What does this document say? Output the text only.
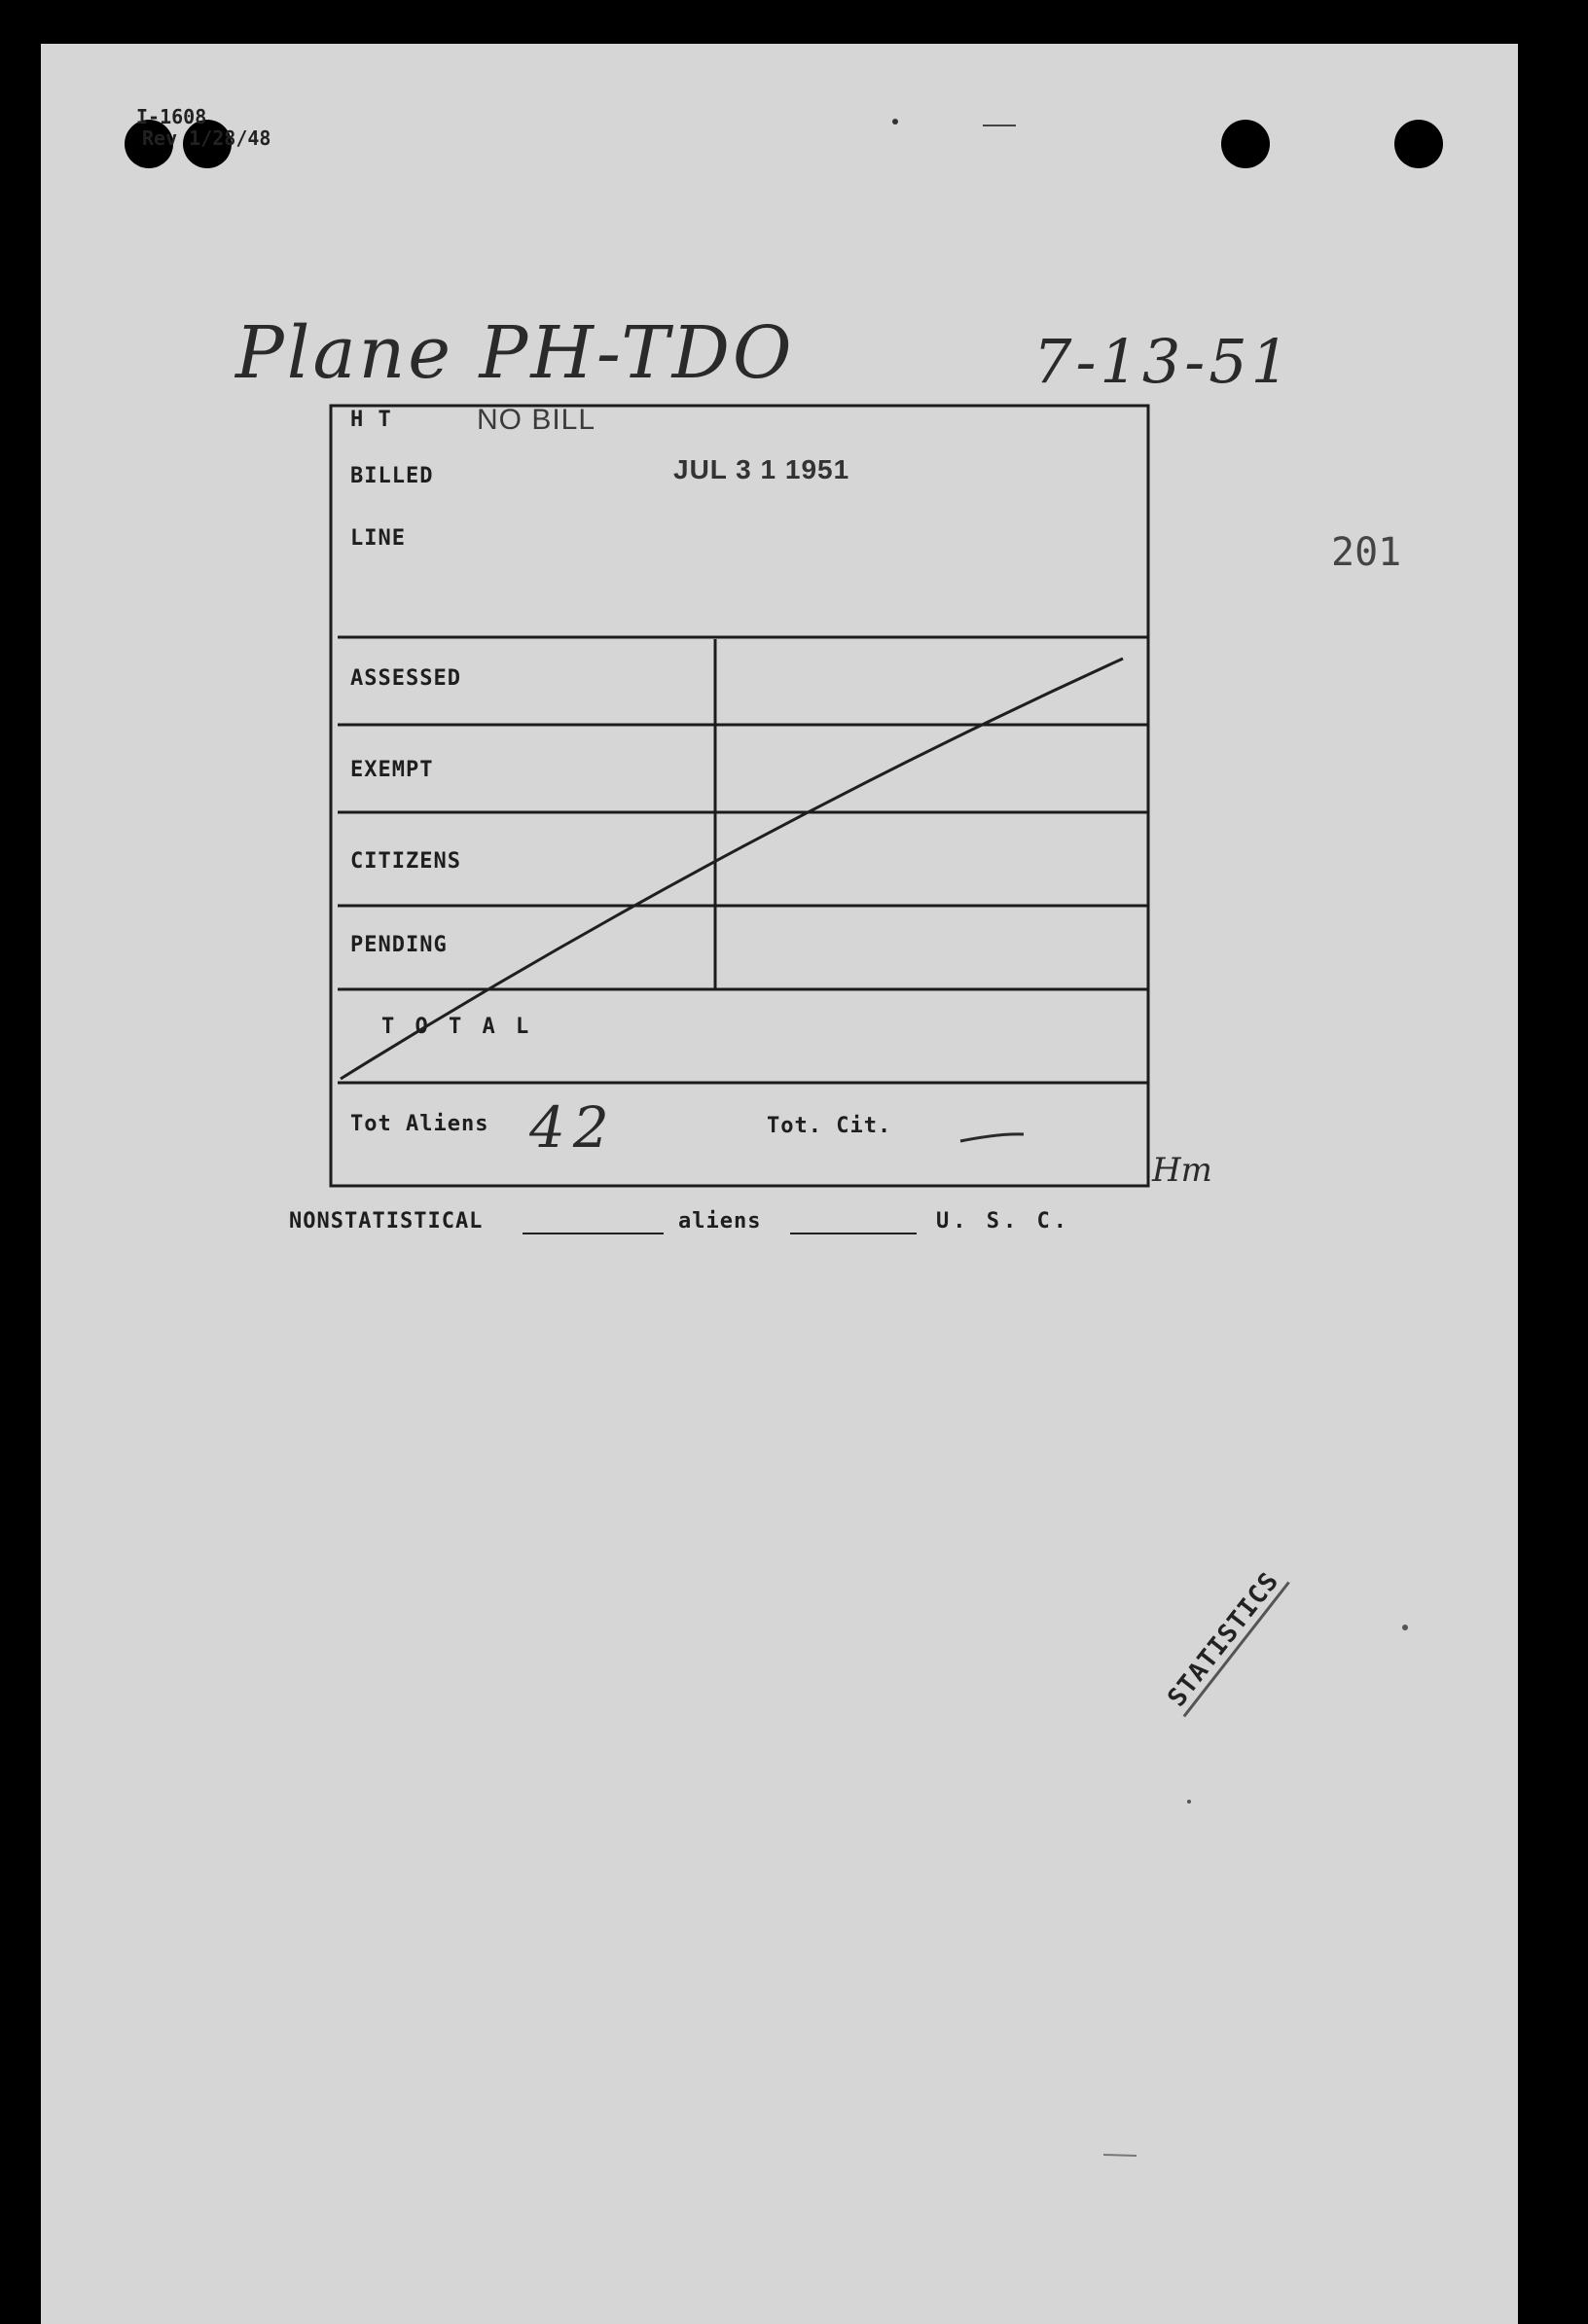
I-1608
Rev 1/28/48
Plane PH-TDO	7-13-51
201
H T	NO BILL
BILLED	JUL 3 1 1951
LINE
ASSESSED
EXEMPT
CITIZENS
PENDING
T O T A L
Tot Aliens 42	Tot. Cit.
Hm
NONSTATISTICAL	aliens	U. S. C.
STATISTICS
